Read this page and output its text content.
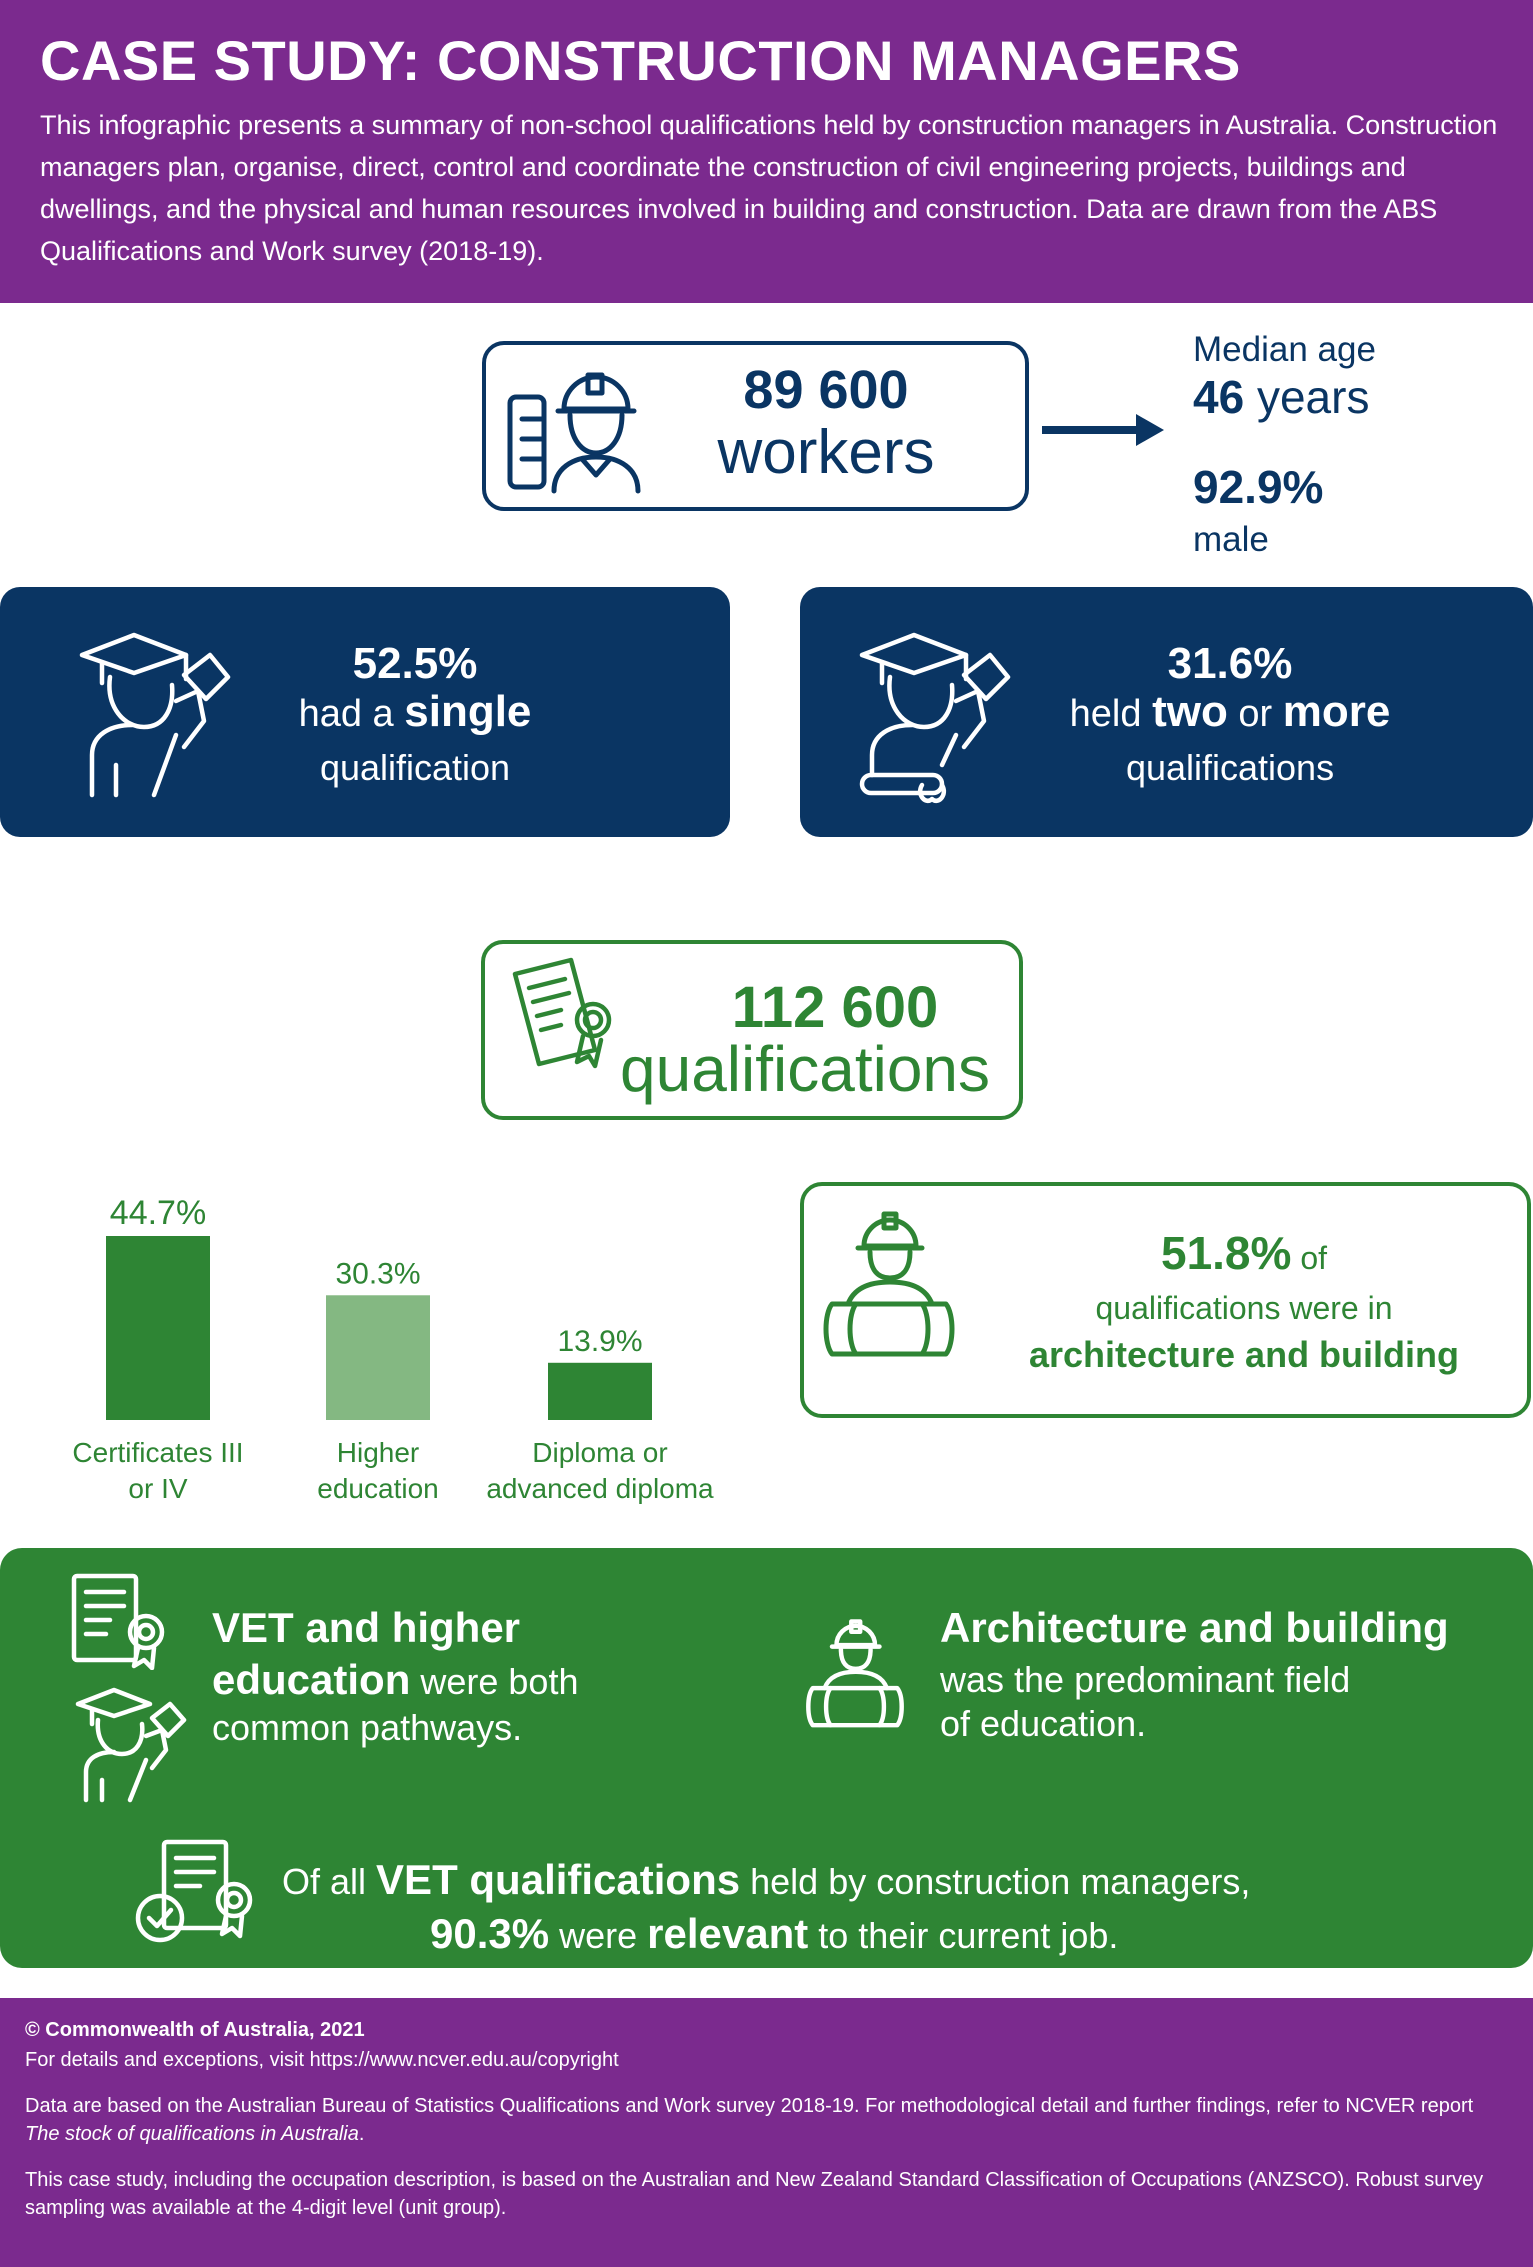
CASE STUDY: CONSTRUCTION MANAGERS

This infographic presents a summary of non-school qualifications held by construction managers in Australia. Construction managers plan, organise, direct, control and coordinate the construction of civil engineering projects, buildings and dwellings, and the physical and human resources involved in building and construction. Data are drawn from the ABS Qualifications and Work survey (2018-19).

89 600
workers
Median age
46 years
92.9%
male
52.5%
had a single
qualification
31.6%
held two or more
qualifications
112 600
qualifications
44.7%
Certificates III
or IV
30.3%
Higher
education
13.9%
Diploma or
advanced diploma
51.8% of
qualifications were in
architecture and building
VET and higher
education were both
common pathways.
Architecture and building
was the predominant field
of education.
Of all VET qualifications held by construction managers,
90.3% were relevant to their current job.
© Commonwealth of Australia, 2021
For details and exceptions, visit https://www.ncver.edu.au/copyright
Data are based on the Australian Bureau of Statistics Qualifications and Work survey 2018-19. For methodological detail and further findings, refer to NCVER report The stock of qualifications in Australia.
This case study, including the occupation description, is based on the Australian and New Zealand Standard Classification of Occupations (ANZSCO). Robust survey sampling was available at the 4-digit level (unit group).
